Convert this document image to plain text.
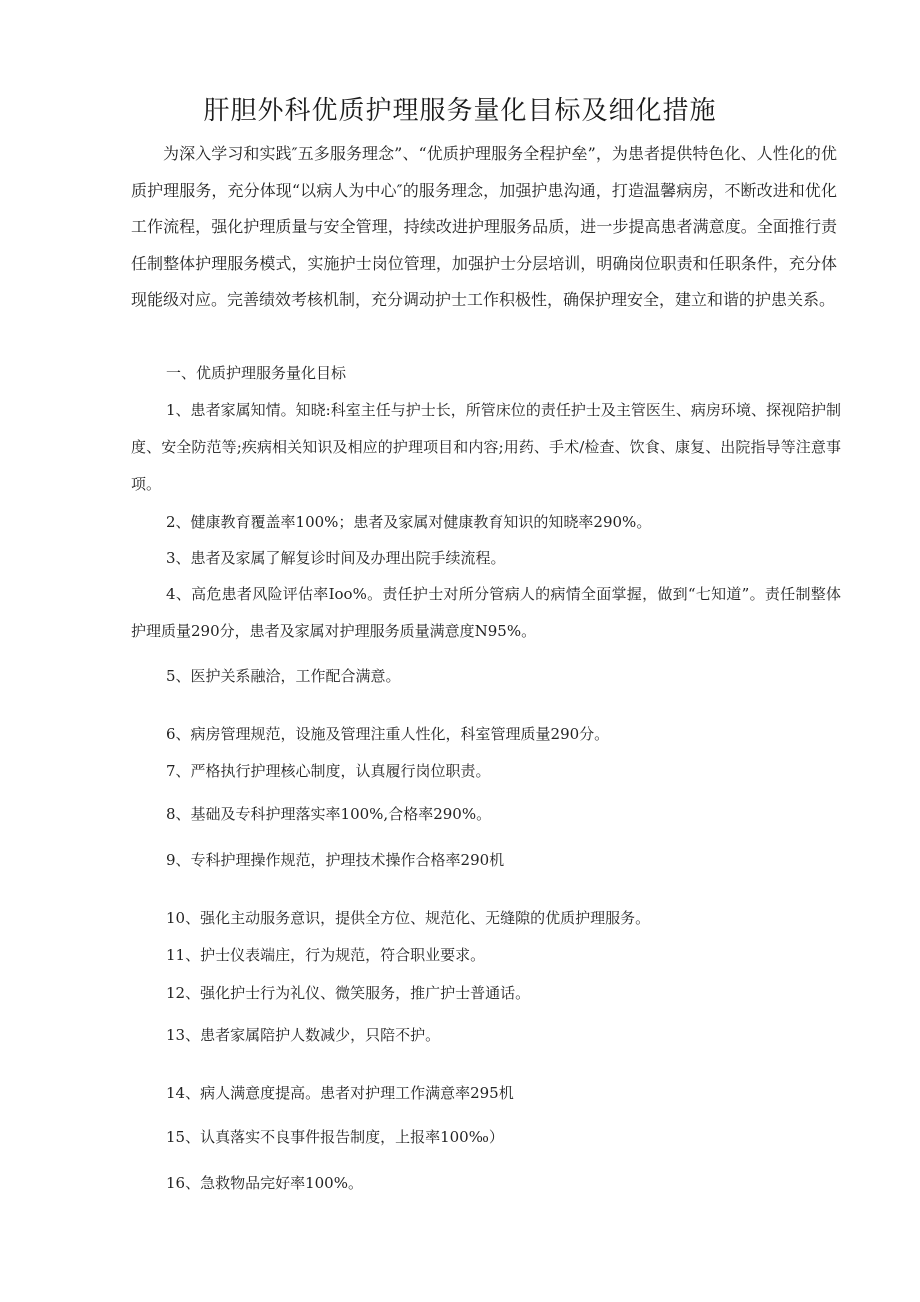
肝胆外科优质护理服务量化目标及细化措施

为深入学习和实践″五多服务理念”、“优质护理服务全程护垒”，为患者提供特色化、人性化的优质护理服务，充分体现“以病人为中心″的服务理念，加强护患沟通，打造温馨病房，不断改进和优化工作流程，强化护理质量与安全管理，持续改进护理服务品质，进一步提高患者满意度。全面推行责任制整体护理服务模式，实施护士岗位管理，加强护士分层培训，明确岗位职责和任职条件，充分体现能级对应。完善绩效考核机制，充分调动护士工作积极性，确保护理安全，建立和谐的护患关系。

一、优质护理服务量化目标

1、患者家属知情。知晓:科室主任与护士长，所管床位的责任护士及主管医生、病房环境、探视陪护制度、安全防范等;疾病相关知识及相应的护理项目和内容;用药、手术/检查、饮食、康复、出院指导等注意事项。

2、健康教育覆盖率100%；患者及家属对健康教育知识的知晓率290%。

3、患者及家属了解复诊时间及办理出院手续流程。

4、高危患者风险评估率Ioo%。责任护士对所分管病人的病情全面掌握，做到“七知道”。责任制整体护理质量290分，患者及家属对护理服务质量满意度N95%。

5、医护关系融洽，工作配合满意。

6、病房管理规范，设施及管理注重人性化，科室管理质量290分。

7、严格执行护理核心制度，认真履行岗位职责。

8、基础及专科护理落实率100%,合格率290%。

9、专科护理操作规范，护理技术操作合格率290机

10、强化主动服务意识，提供全方位、规范化、无缝隙的优质护理服务。

11、护士仪表端庄，行为规范，符合职业要求。

12、强化护士行为礼仪、微笑服务，推广护士普通话。

13、患者家属陪护人数减少，只陪不护。

14、病人满意度提高。患者对护理工作满意率295机

15、认真落实不良事件报告制度，上报率100‰）

16、急救物品完好率100%。
